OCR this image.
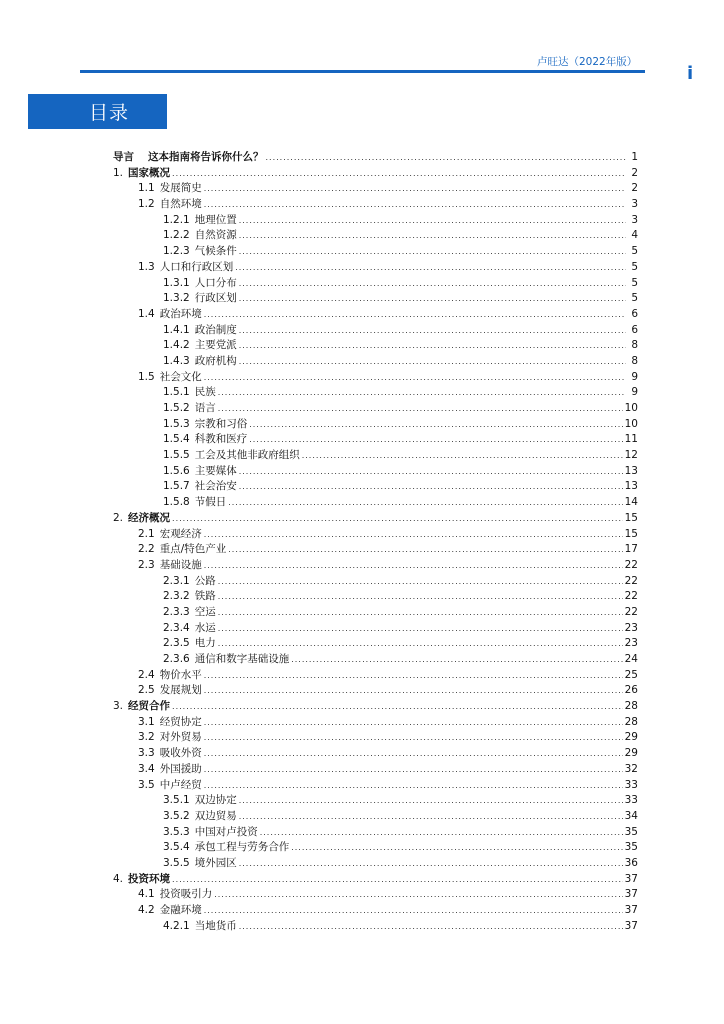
卢旺达（2022年版）
i
目录
导言 这本指南将告诉你什么？ .....	1
1. 国家概况 .....	2
1.1 发展简史 .....	2
1.2 自然环境 .....	3
1.2.1 地理位置 .....	3
1.2.2 自然资源 .....	4
1.2.3 气候条件 .....	5
1.3 人口和行政区划 .....	5
1.3.1 人口分布 .....	5
1.3.2 行政区划 .....	5
1.4 政治环境 .....	6
1.4.1 政治制度 .....	6
1.4.2 主要党派 .....	8
1.4.3 政府机构 .....	8
1.5 社会文化 .....	9
1.5.1 民族 .....	9
1.5.2 语言 .....	10
1.5.3 宗教和习俗 .....	10
1.5.4 科教和医疗 .....	11
1.5.5 工会及其他非政府组织 .....	12
1.5.6 主要媒体 .....	13
1.5.7 社会治安 .....	13
1.5.8 节假日 .....	14
2. 经济概况 .....	15
2.1 宏观经济 .....	15
2.2 重点/特色产业 .....	17
2.3 基础设施 .....	22
2.3.1 公路 .....	22
2.3.2 铁路 .....	22
2.3.3 空运 .....	22
2.3.4 水运 .....	23
2.3.5 电力 .....	23
2.3.6 通信和数字基础设施 .....	24
2.4 物价水平 .....	25
2.5 发展规划 .....	26
3. 经贸合作 .....	28
3.1 经贸协定 .....	28
3.2 对外贸易 .....	29
3.3 吸收外资 .....	29
3.4 外国援助 .....	32
3.5 中卢经贸 .....	33
3.5.1 双边协定 .....	33
3.5.2 双边贸易 .....	34
3.5.3 中国对卢投资 .....	35
3.5.4 承包工程与劳务合作 .....	35
3.5.5 境外园区 .....	36
4. 投资环境 .....	37
4.1 投资吸引力 .....	37
4.2 金融环境 .....	37
4.2.1 当地货币 .....	37
